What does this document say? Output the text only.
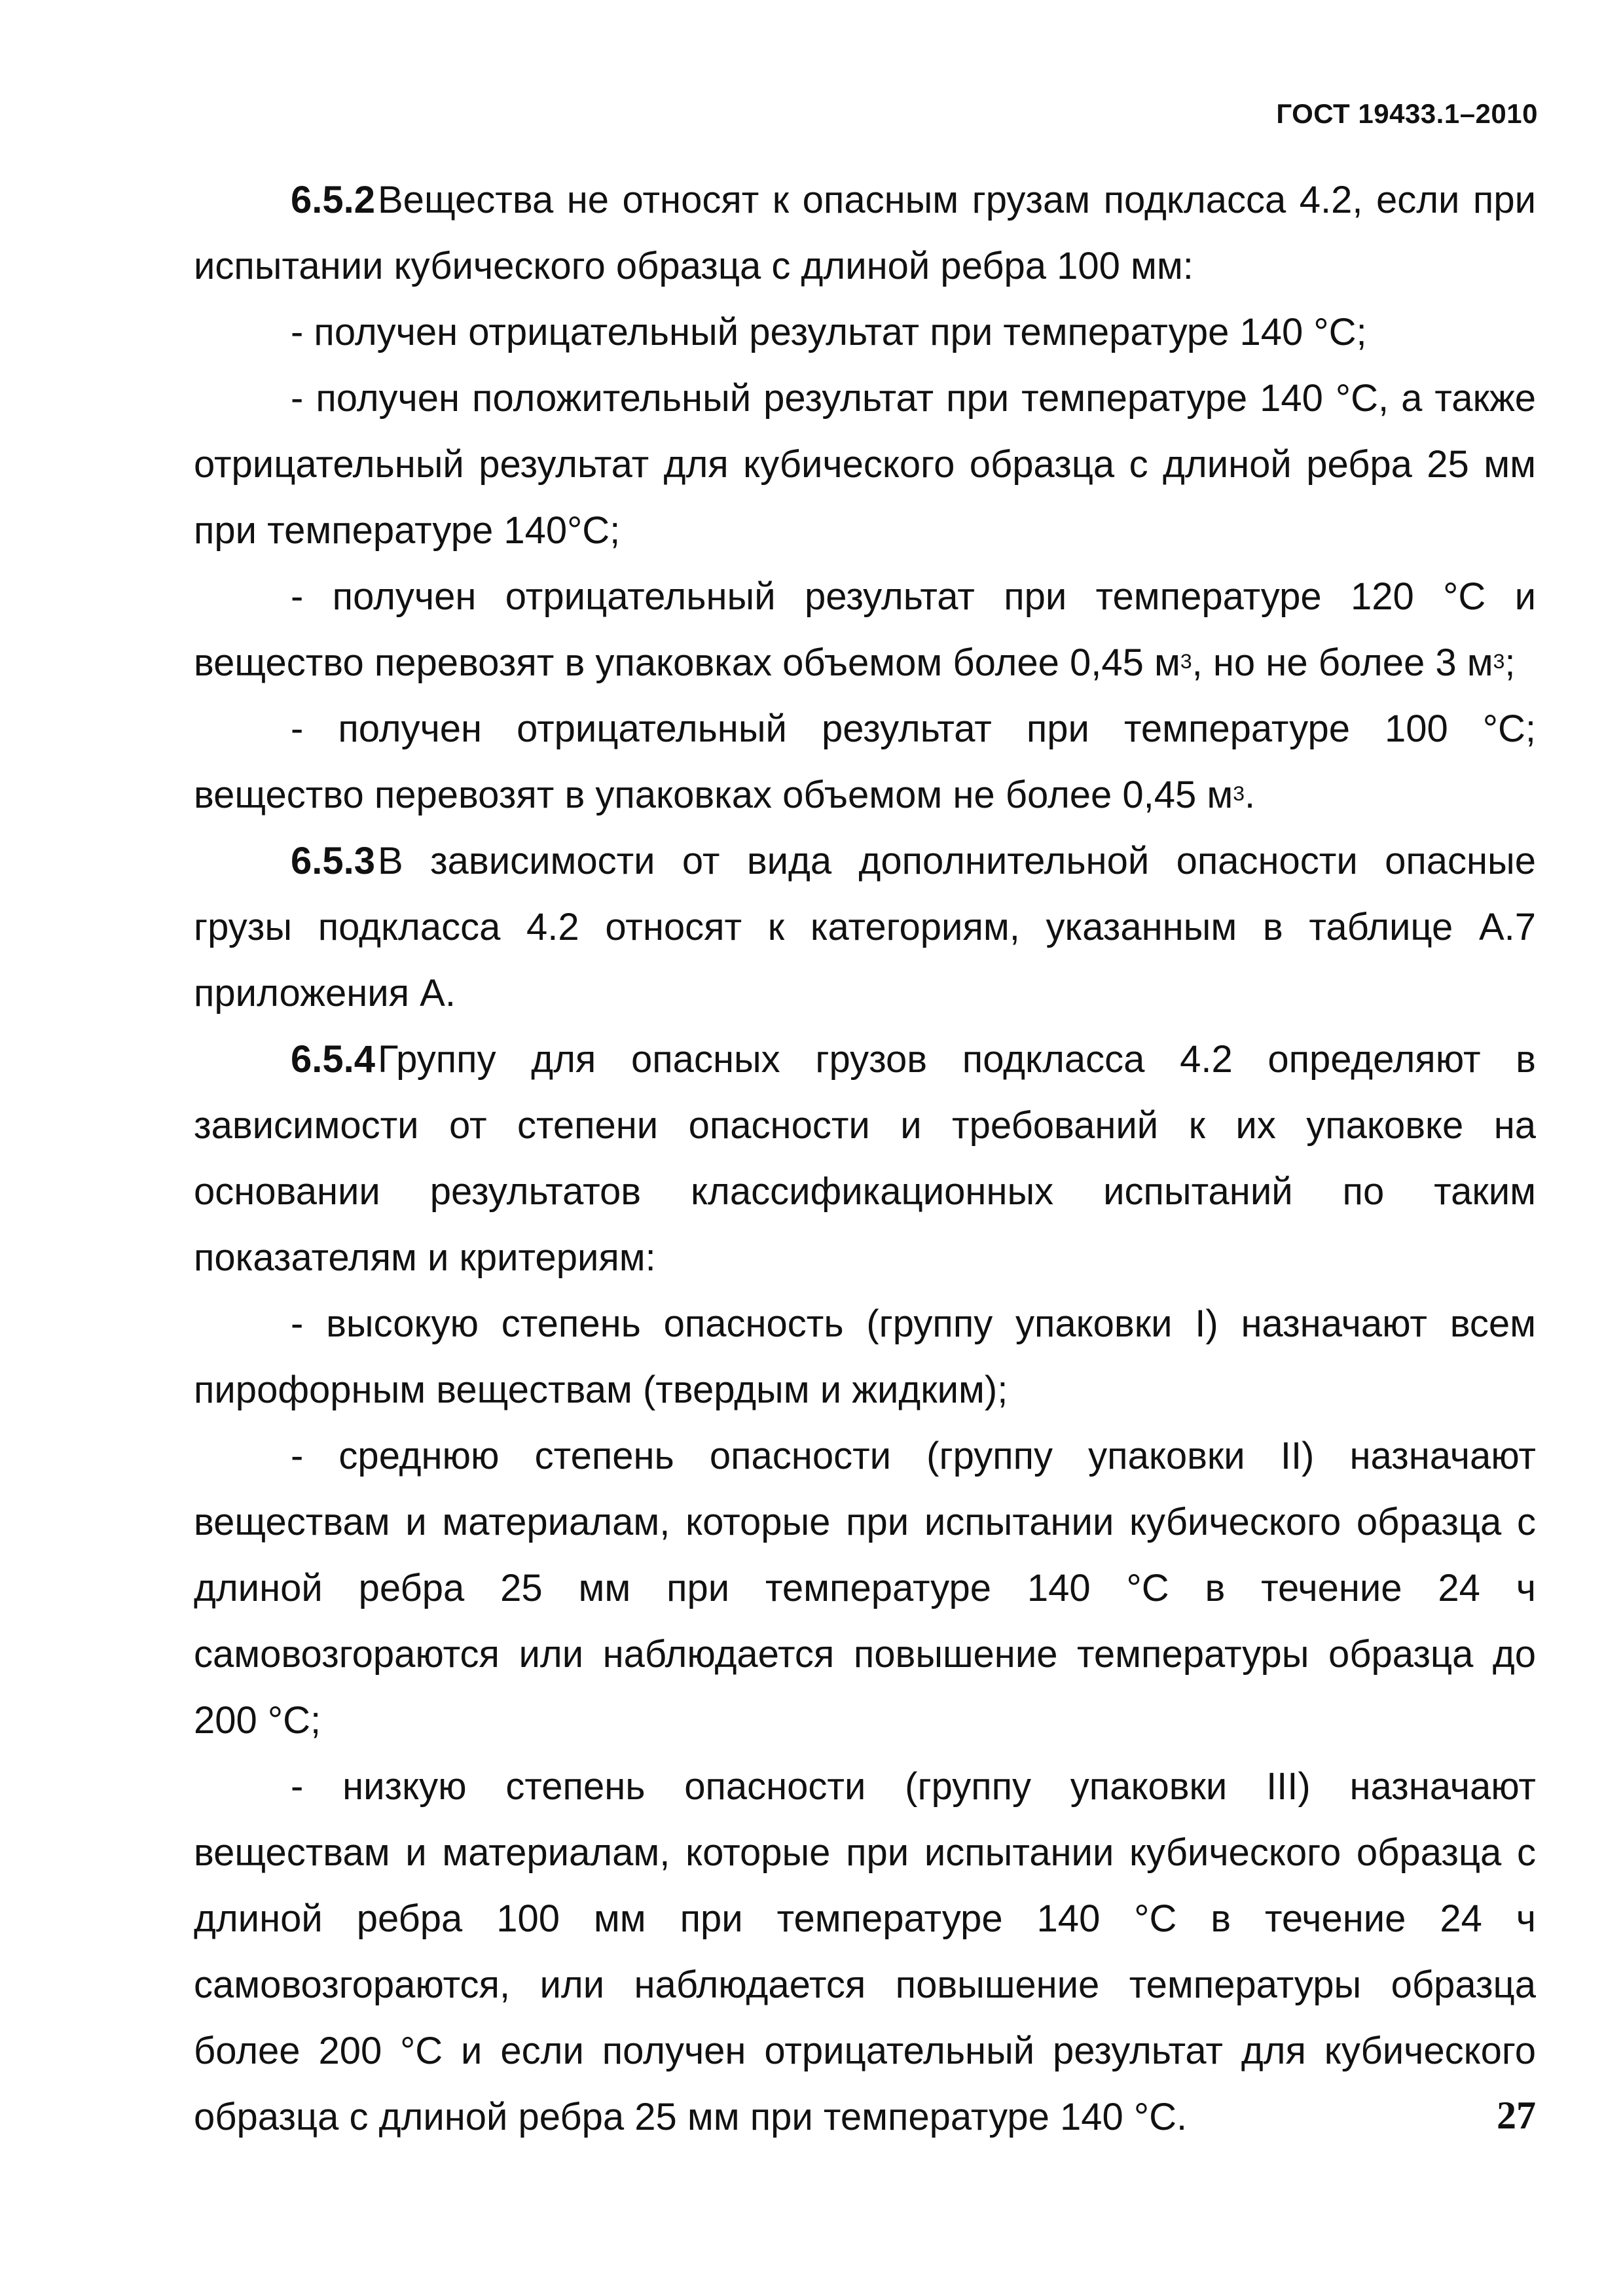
ГОСТ 19433.1–2010

6.5.2Вещества не относят к опасным грузам подкласса 4.2, если при испытании кубического образца с длиной ребра 100 мм:

- получен отрицательный результат при температуре 140 °С;

- получен положительный результат при температуре 140 °С, а также отрицательный результат для кубического образца с длиной ребра 25 мм при температуре 140°С;

- получен отрицательный результат при температуре 120 °С и вещество перевозят в упаковках объемом более 0,45 $м^3$, но не более 3 $м^3$;

- получен отрицательный результат при температуре 100 °С; вещество перевозят в упаковках объемом не более 0,45 $м^3$.

6.5.3В зависимости от вида дополнительной опасности опасные грузы подкласса 4.2 относят к категориям, указанным в таблице А.7 приложения А.

6.5.4Группу для опасных грузов подкласса 4.2 определяют в зависимости от степени опасности и требований к их упаковке на основании результатов классификационных испытаний по таким показателям и критериям:

- высокую степень опасность (группу упаковки I) назначают всем пирофорным веществам (твердым и жидким);

- среднюю степень опасности (группу упаковки II) назначают веществам и материалам, которые при испытании кубического образца с длиной ребра 25 мм при температуре 140 °С в течение 24 ч самовозгораются или наблюдается повышение температуры образца до 200 °С;

- низкую степень опасности (группу упаковки III) назначают веществам и материалам, которые при испытании кубического образца с длиной ребра 100 мм при температуре 140 °С в течение 24 ч самовозгораются, или наблюдается повышение температуры образца более 200 °С и если получен отрицательный результат для кубического образца с длиной ребра 25 мм при температуре 140 °С.	27
